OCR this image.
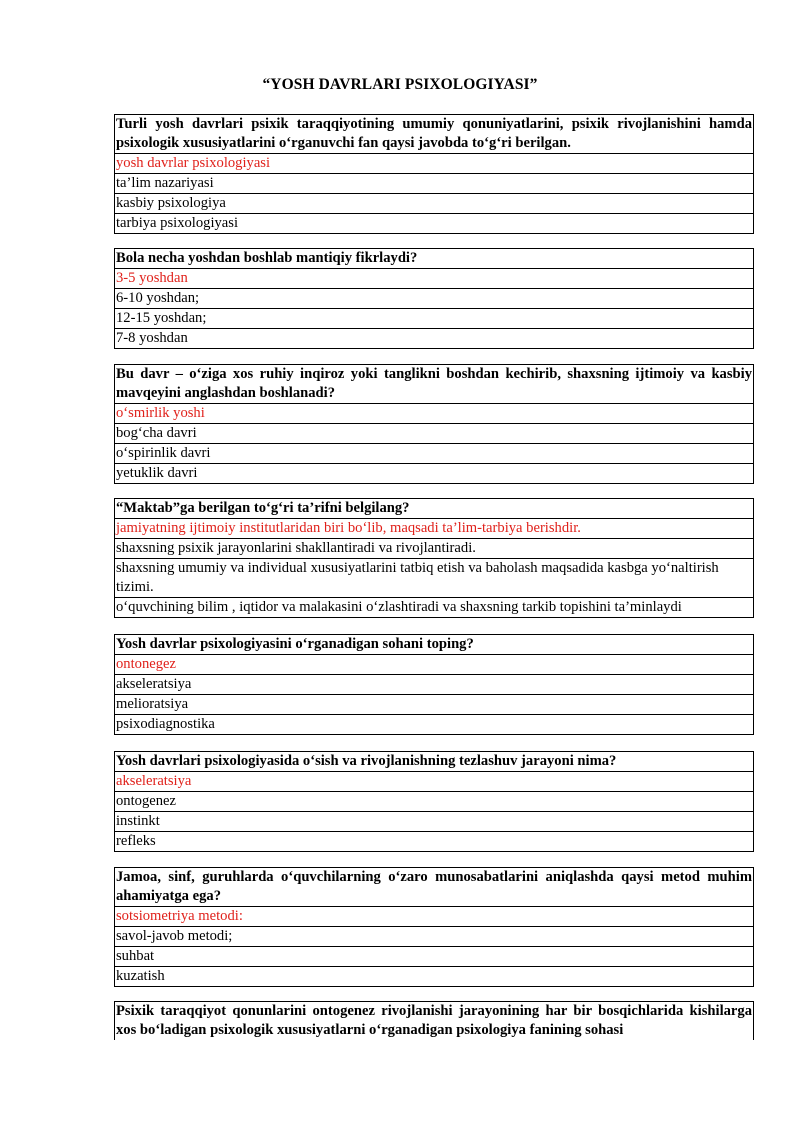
“YOSH DAVRLARI PSIXOLOGIYASI”
Turli yosh davrlari psixik taraqqiyotining umumiy qonuniyatlarini, psixik rivojlanishini hamda psixologik xususiyatlarini o‘rganuvchi fan qaysi javobda to‘g‘ri berilgan.
yosh davrlar psixologiyasi
ta’lim nazariyasi
kasbiy psixologiya
tarbiya psixologiyasi
Bola necha yoshdan boshlab mantiqiy fikrlaydi?
3-5 yoshdan
6-10 yoshdan;
12-15 yoshdan;
7-8 yoshdan
Bu davr – o‘ziga xos ruhiy inqiroz yoki tanglikni boshdan kechirib, shaxsning ijtimoiy va kasbiy mavqeyini anglashdan boshlanadi?
o‘smirlik yoshi
bog‘cha davri
o‘spirinlik davri
yetuklik davri
“Maktab”ga berilgan to‘g‘ri ta’rifni belgilang?
jamiyatning ijtimoiy institutlaridan biri bo‘lib, maqsadi ta’lim-tarbiya berishdir.
shaxsning psixik jarayonlarini shakllantiradi va rivojlantiradi.
shaxsning umumiy va individual xususiyatlarini tatbiq etish va baholash maqsadida kasbga yo‘naltirish tizimi.
o‘quvchining bilim , iqtidor va malakasini o‘zlashtiradi va shaxsning tarkib topishini ta’minlaydi
Yosh davrlar psixologiyasini o‘rganadigan sohani toping?
ontonegez
akseleratsiya
melioratsiya
psixodiagnostika
Yosh davrlari psixologiyasida o‘sish va rivojlanishning tezlashuv jarayoni nima?
akseleratsiya
ontogenez
instinkt
refleks
Jamoa, sinf, guruhlarda o‘quvchilarning o‘zaro munosabatlarini aniqlashda qaysi metod muhim ahamiyatga ega?
sotsiometriya metodi:
savol-javob metodi;
suhbat
kuzatish
Psixik taraqqiyot qonunlarini ontogenez rivojlanishi jarayonining har bir bosqichlarida kishilarga xos bo‘ladigan psixologik xususiyatlarni o‘rganadigan psixologiya fanining sohasi
